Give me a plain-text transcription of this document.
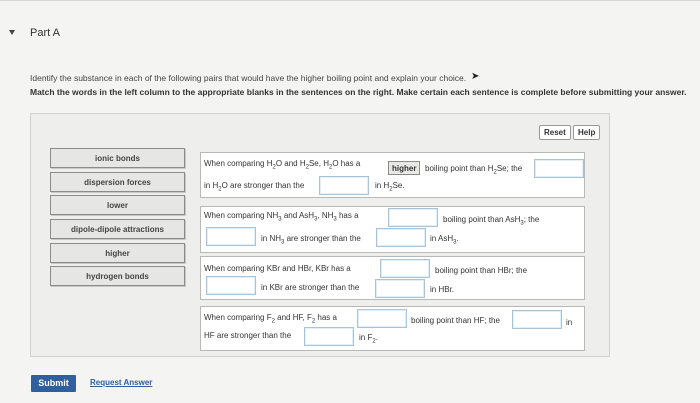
Part A
Identify the substance in each of the following pairs that would have the higher boiling point and explain your choice. ➤
Match the words in the left column to the appropriate blanks in the sentences on the right. Make certain each sentence is complete before submitting your answer.
Reset	Help
ionic bonds
dispersion forces
lower
dipole-dipole attractions
higher
hydrogen bonds
When comparing $H_2O$ and $H_2Se$, $H_2O$ has a
higher	boiling point than $H_2Se$; the
in $H_2O$ are stronger than the	in $H_2Se$.
When comparing $NH_3$ and AsH$_3$, $NH_3$ has a	boiling point than AsH$_3$; the
in $NH_3$ are stronger than the	in AsH$_3$.
When comparing KBr and HBr, KBr has a	boiling point than HBr; the
in KBr are stronger than the	in HBr.
When comparing $F_2$ and HF, $F_2$ has a	boiling point than HF; the	in
HF are stronger than the	in $F_2$.
Submit	Request Answer
